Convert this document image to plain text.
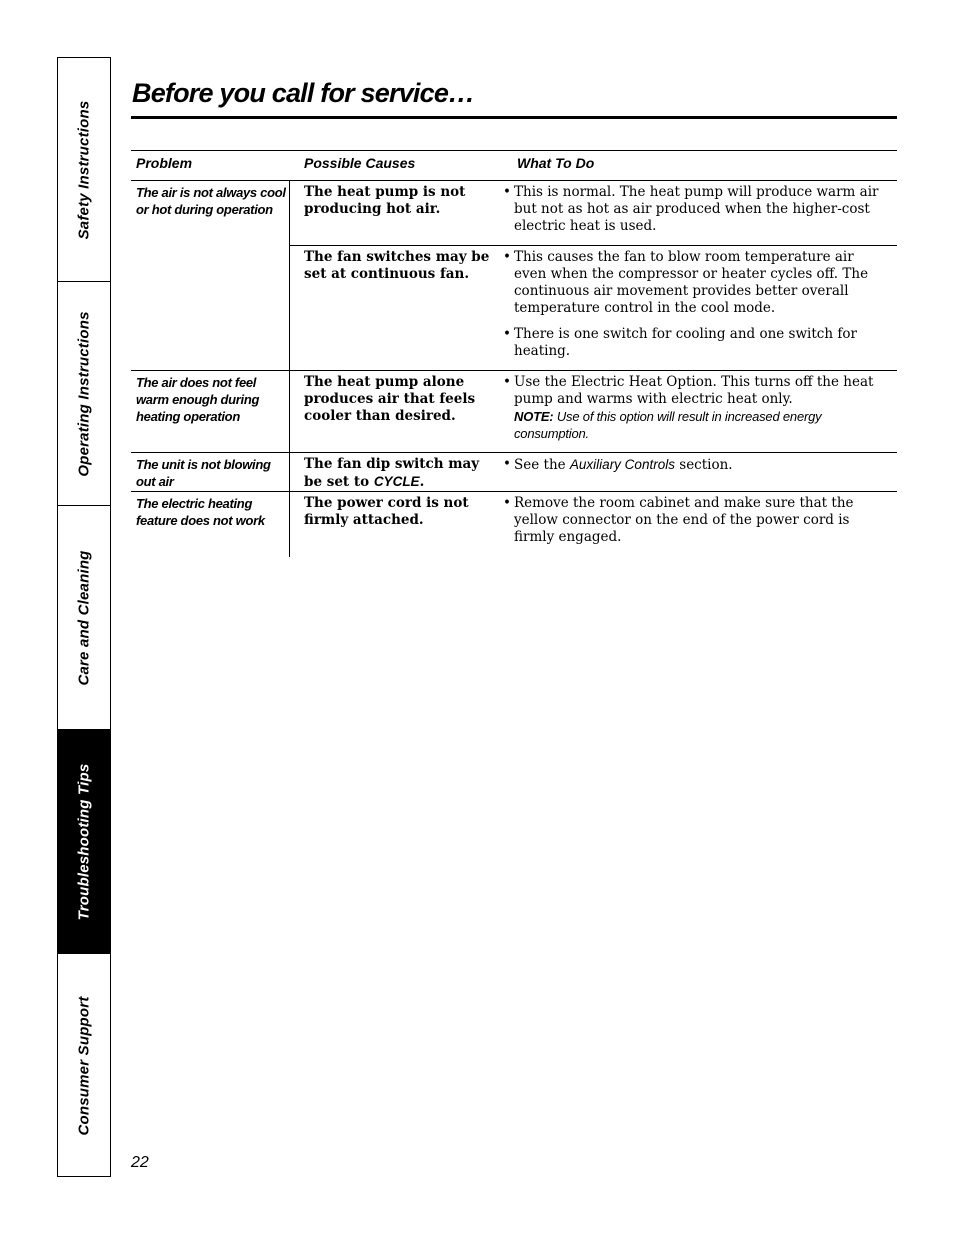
Safety Instructions
Operating Instructions
Care and Cleaning
Troubleshooting Tips
Consumer Support
Before you call for service…
Problem	Possible Causes	What To Do
The air is not always cool or hot during operation
The heat pump is not producing hot air.
• This is normal. The heat pump will produce warm air but not as hot as air produced when the higher-cost electric heat is used.
The fan switches may be set at continuous fan.
• This causes the fan to blow room temperature air even when the compressor or heater cycles off. The continuous air movement provides better overall temperature control in the cool mode.
• There is one switch for cooling and one switch for heating.
The air does not feel warm enough during heating operation
The heat pump alone produces air that feels cooler than desired.
• Use the Electric Heat Option. This turns off the heat pump and warms with electric heat only.
NOTE: Use of this option will result in increased energy consumption.
The unit is not blowing out air
The fan dip switch may be set to CYCLE.
• See the Auxiliary Controls section.
The electric heating feature does not work
The power cord is not firmly attached.
• Remove the room cabinet and make sure that the yellow connector on the end of the power cord is firmly engaged.
22
